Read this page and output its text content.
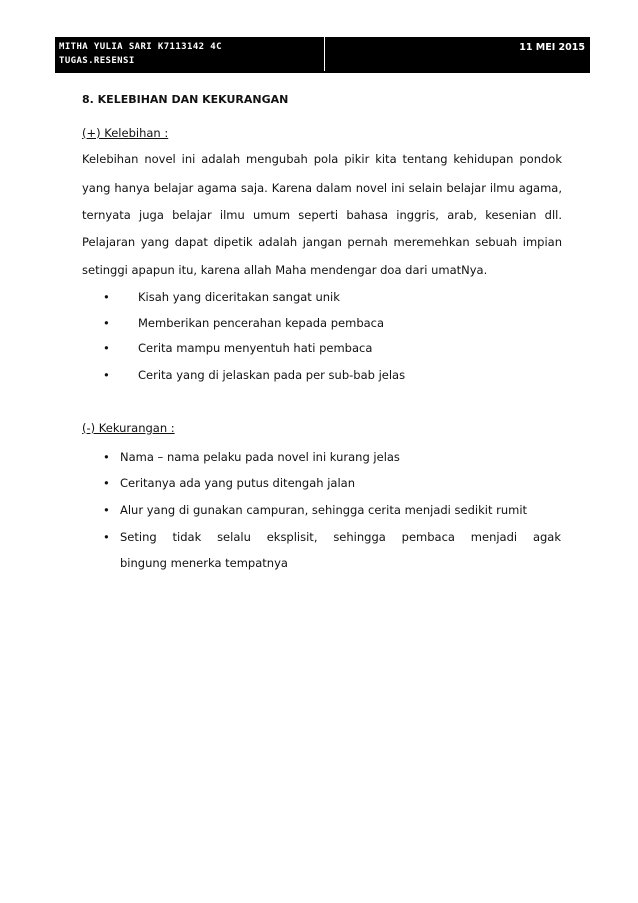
MITHA YULIA SARI K7113142 4C
TUGAS.RESENSI
11 MEI 2015
8. KELEBIHAN DAN KEKURANGAN
(+) Kelebihan :
Kelebihan novel ini adalah mengubah pola pikir kita tentang kehidupan pondok
yang hanya belajar agama saja. Karena dalam novel ini selain belajar ilmu agama,
ternyata juga belajar ilmu umum seperti bahasa inggris, arab, kesenian dll.
Pelajaran yang dapat dipetik adalah jangan pernah meremehkan sebuah impian
setinggi apapun itu, karena allah Maha mendengar doa dari umatNya.
• Kisah yang diceritakan sangat unik
• Memberikan pencerahan kepada pembaca
• Cerita mampu menyentuh hati pembaca
• Cerita yang di jelaskan pada per sub-bab jelas
(-) Kekurangan :
• Nama – nama pelaku pada novel ini kurang jelas
• Ceritanya ada yang putus ditengah jalan
• Alur yang di gunakan campuran, sehingga cerita menjadi sedikit rumit
• Seting tidak selalu eksplisit, sehingga pembaca menjadi agak
bingung menerka tempatnya
